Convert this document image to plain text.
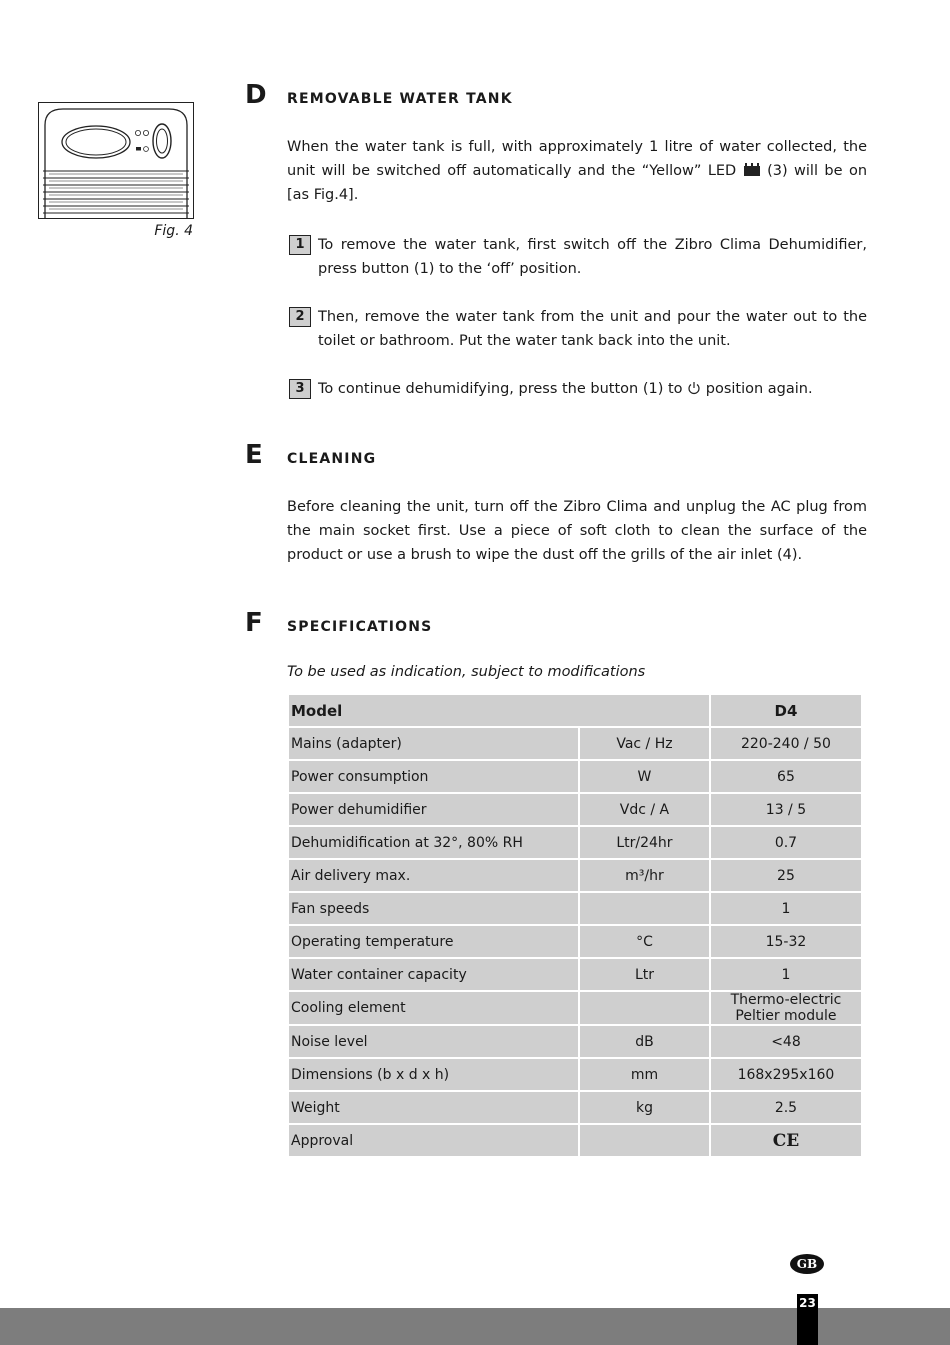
Fig. 4
D REMOVABLE WATER TANK

When the water tank is full, with approximately 1 litre of water collected, the unit will be switched off automatically and the “Yellow” LED (3) will be on [as Fig.4].

1 To remove the water tank, first switch off the Zibro Clima Dehumidifier, press button (1) to the ‘off’ position.

2 Then, remove the water tank from the unit and pour the water out to the toilet or bathroom. Put the water tank back into the unit.

3 To continue dehumidifying, press the button (1) to position again.

E CLEANING

Before cleaning the unit, turn off the Zibro Clima and unplug the AC plug from the main socket first. Use a piece of soft cloth to clean the surface of the product or use a brush to wipe the dust off the grills of the air inlet (4).

F SPECIFICATIONS
To be used as indication, subject to modifications
Model		D4
Mains (adapter)	Vac / Hz	220-240 / 50
Power consumption	W	65
Power dehumidifier	Vdc / A	13 / 5
Dehumidification at 32°, 80% RH	Ltr/24hr	0.7
Air delivery max.	m³/hr	25
Fan speeds		1
Operating temperature	°C	15-32
Water container capacity	Ltr	1
Cooling element		Thermo-electric
Peltier module

Noise level	dB	<48
Dimensions (b x d x h)	mm	168x295x160
Weight	kg	2.5
Approval		CE
GB
23
